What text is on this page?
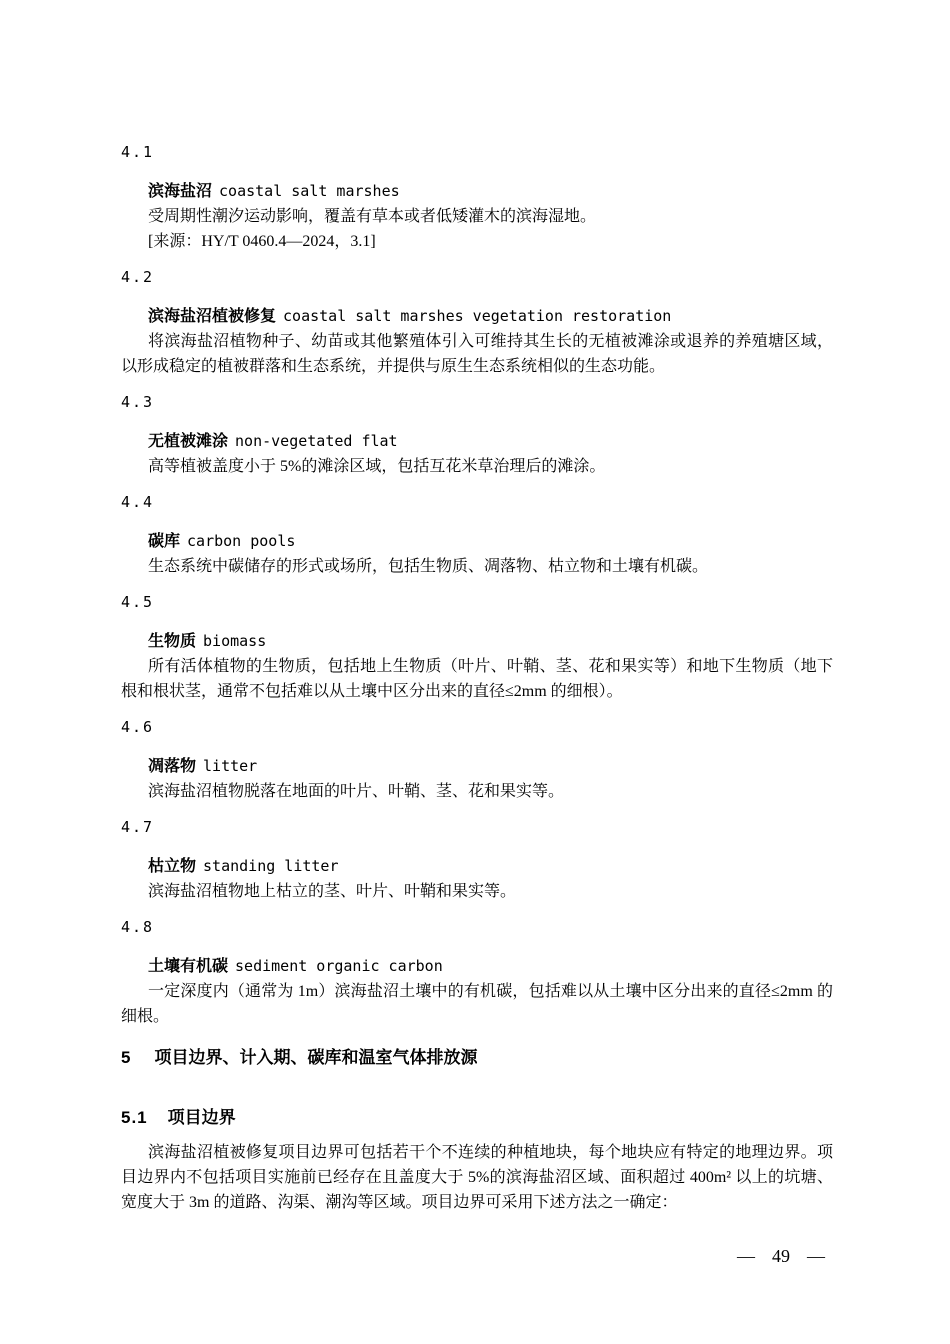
4.1
滨海盐沼 coastal salt marshes

受周期性潮汐运动影响，覆盖有草本或者低矮灌木的滨海湿地。

[来源：HY/T 0460.4—2024，3.1]

4.2
滨海盐沼植被修复 coastal salt marshes vegetation restoration

将滨海盐沼植物种子、幼苗或其他繁殖体引入可维持其生长的无植被滩涂或退养的养殖塘区域，以形成稳定的植被群落和生态系统，并提供与原生生态系统相似的生态功能。

4.3
无植被滩涂 non-vegetated flat

高等植被盖度小于 5%的滩涂区域，包括互花米草治理后的滩涂。

4.4
碳库 carbon pools

生态系统中碳储存的形式或场所，包括生物质、凋落物、枯立物和土壤有机碳。

4.5
生物质 biomass

所有活体植物的生物质，包括地上生物质（叶片、叶鞘、茎、花和果实等）和地下生物质（地下根和根状茎，通常不包括难以从土壤中区分出来的直径≤2mm 的细根）。

4.6
凋落物 litter

滨海盐沼植物脱落在地面的叶片、叶鞘、茎、花和果实等。

4.7
枯立物 standing litter

滨海盐沼植物地上枯立的茎、叶片、叶鞘和果实等。

4.8
土壤有机碳 sediment organic carbon

一定深度内（通常为 1m）滨海盐沼土壤中的有机碳，包括难以从土壤中区分出来的直径≤2mm 的细根。

5 项目边界、计入期、碳库和温室气体排放源
5.1 项目边界

滨海盐沼植被修复项目边界可包括若干个不连续的种植地块，每个地块应有特定的地理边界。项目边界内不包括项目实施前已经存在且盖度大于 5%的滨海盐沼区域、面积超过 400m² 以上的坑塘、宽度大于 3m 的道路、沟渠、潮沟等区域。项目边界可采用下述方法之一确定：

— 49 —
